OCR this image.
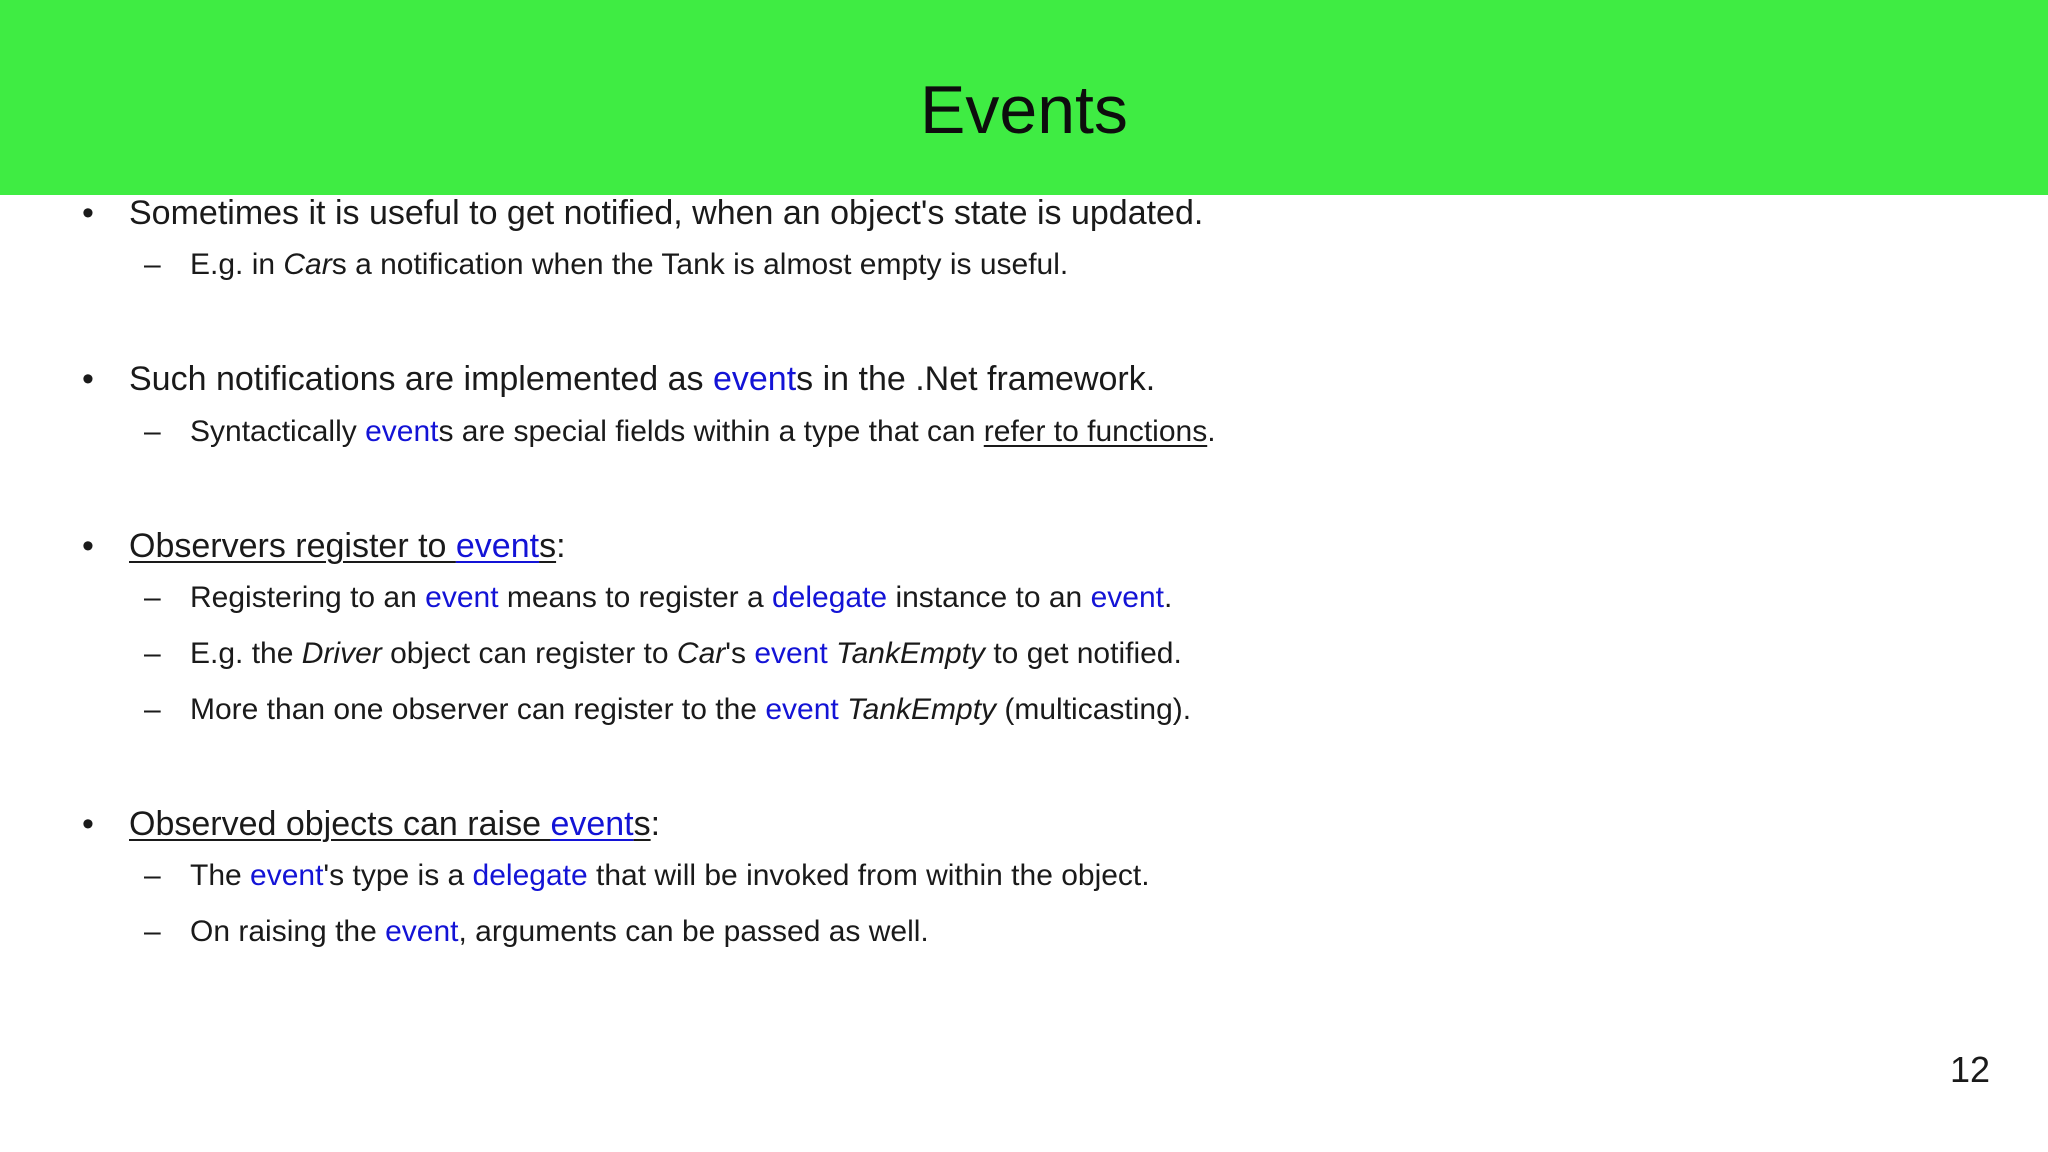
Events
• Sometimes it is useful to get notified, when an object's state is updated.
– E.g. in Cars a notification when the Tank is almost empty is useful.
• Such notifications are implemented as events in the .Net framework.
– Syntactically events are special fields within a type that can refer to functions.
• Observers register to events:
– Registering to an event means to register a delegate instance to an event.
– E.g. the Driver object can register to Car's event TankEmpty to get notified.
– More than one observer can register to the event TankEmpty (multicasting).
• Observed objects can raise events:
– The event's type is a delegate that will be invoked from within the object.
– On raising the event, arguments can be passed as well.
12
